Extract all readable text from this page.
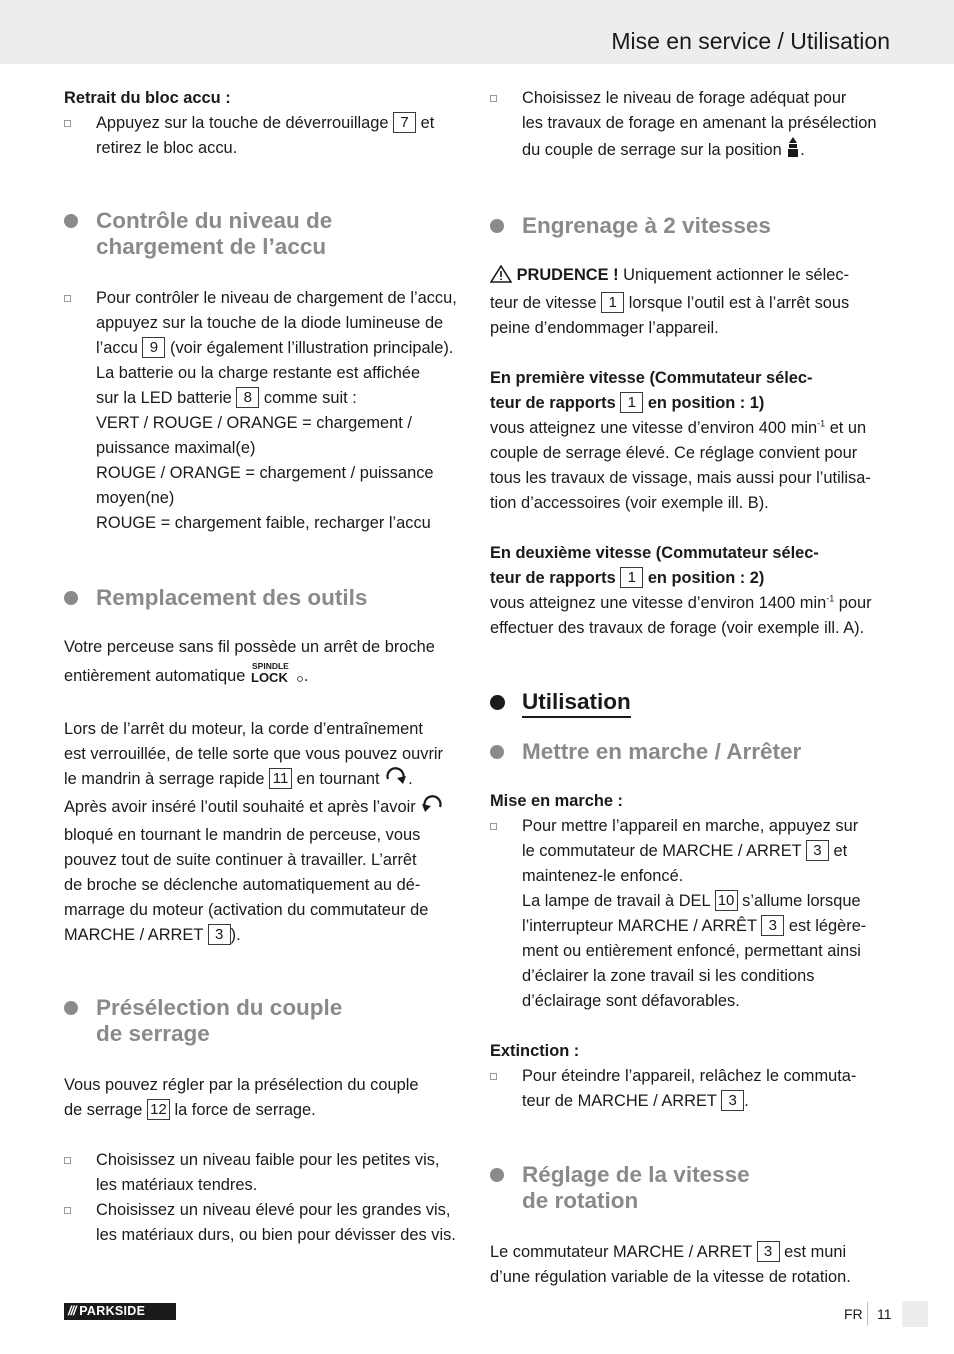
Mise en service / Utilisation

Retrait du bloc accu :

Appuyez sur la touche de déverrouillage 7 et

retirez le bloc accu.

Contrôle du niveau de
chargement de l’accu

Pour contrôler le niveau de chargement de l’accu,

appuyez sur la touche de la diode lumineuse de

l’accu 9 (voir également l’illustration principale).

La batterie ou la charge restante est affichée

sur la LED batterie 8 comme suit :

VERT / ROUGE / ORANGE = chargement /

puissance maximal(e)

ROUGE / ORANGE = chargement / puissance

moyen(ne)

ROUGE = chargement faible, recharger l’accu

Remplacement des outils

Votre perceuse sans fil possède un arrêt de broche

entièrement automatique
SPINDLE
LOCK .

Lors de l’arrêt du moteur, la corde d’entraînement

est verrouillée, de telle sorte que vous pouvez ouvrir

le mandrin à serrage rapide 11 en tournant .

Après avoir inséré l’outil souhaité et après l’avoir

bloqué en tournant le mandrin de perceuse, vous

pouvez tout de suite continuer à travailler. L’arrêt

de broche se déclenche automatiquement au dé-

marrage du moteur (activation du commutateur de

MARCHE / ARRET 3 ).

Présélection du couple
de serrage

Vous pouvez régler par la présélection du couple

de serrage 12 la force de serrage.

Choisissez un niveau faible pour les petites vis,

les matériaux tendres.

Choisissez un niveau élevé pour les grandes vis,

les matériaux durs, ou bien pour dévisser des vis.

Choisissez le niveau de forage adéquat pour

les travaux de forage en amenant la présélection

du couple de serrage sur la position .

Engrenage à 2 vitesses

PRUDENCE ! Uniquement actionner le sélec-

teur de vitesse 1 lorsque l’outil est à l’arrêt sous

peine d’endommager l’appareil.

En première vitesse (Commutateur sélec-

teur de rapports 1 en position : 1)

vous atteignez une vitesse d’environ 400 $\min^{-1}$ et un

couple de serrage élevé. Ce réglage convient pour

tous les travaux de vissage, mais aussi pour l’utilisa-

tion d’accessoires (voir exemple ill. B).

En deuxième vitesse (Commutateur sélec-

teur de rapports 1 en position : 2)

vous atteignez une vitesse d’environ 1400 $\min^{-1}$ pour

effectuer des travaux de forage (voir exemple ill. A).

Utilisation
Mettre en marche / Arrêter

Mise en marche :

Pour mettre l’appareil en marche, appuyez sur

le commutateur de MARCHE / ARRET 3 et

maintenez-le enfoncé.

La lampe de travail à DEL 10 s’allume lorsque

l’interrupteur MARCHE / ARRÊT 3 est légère-

ment ou entièrement enfoncé, permettant ainsi

d’éclairer la zone travail si les conditions

d’éclairage sont défavorables.

Extinction :

Pour éteindre l’appareil, relâchez le commuta-

teur de MARCHE / ARRET 3 .

Réglage de la vitesse
de rotation

Le commutateur MARCHE / ARRET 3 est muni

d’une régulation variable de la vitesse de rotation.

/// PARKSIDE	FR 11
